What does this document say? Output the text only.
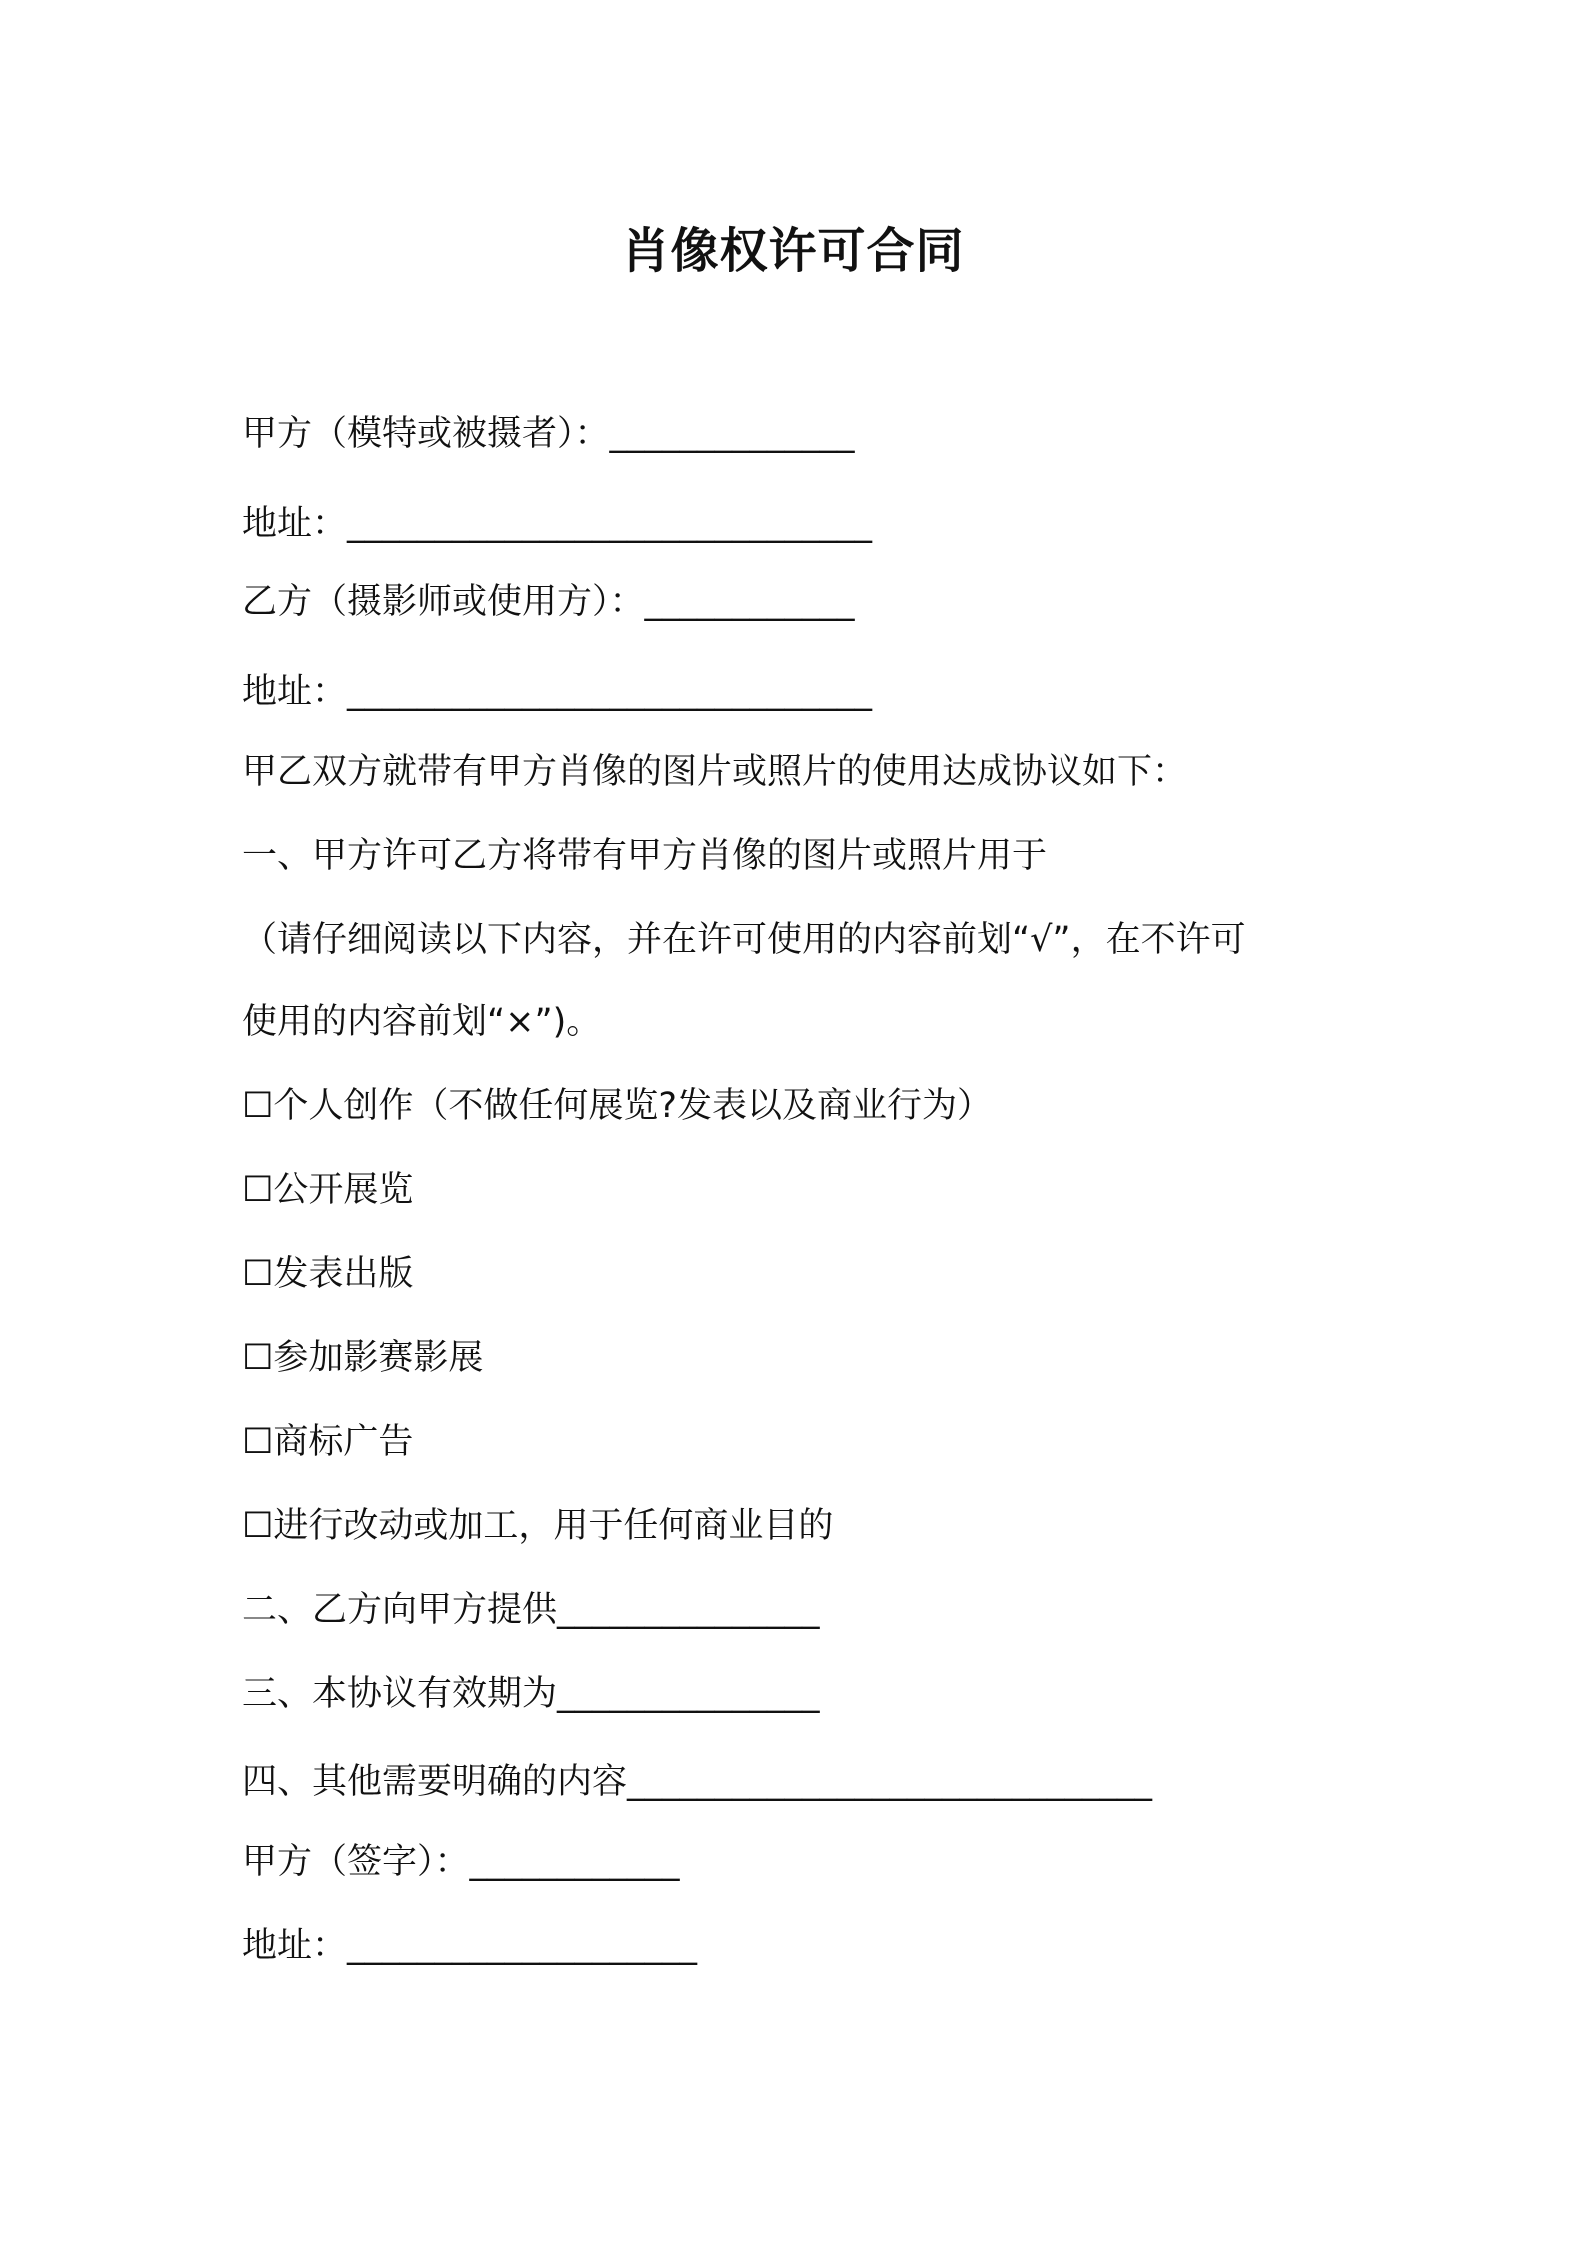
肖像权许可合同
甲方（模特或被摄者）：______________
地址：______________________________
乙方（摄影师或使用方）：____________
地址：______________________________
甲乙双方就带有甲方肖像的图片或照片的使用达成协议如下：
一、甲方许可乙方将带有甲方肖像的图片或照片用于
（请仔细阅读以下内容，并在许可使用的内容前划“√”，在不许可
使用的内容前划“×”)。
☐个人创作（不做任何展览?发表以及商业行为）
☐公开展览
☐发表出版
☐参加影赛影展
☐商标广告
☐进行改动或加工，用于任何商业目的
二、乙方向甲方提供_______________
三、本协议有效期为_______________
四、其他需要明确的内容______________________________
甲方（签字）：____________
地址：____________________
